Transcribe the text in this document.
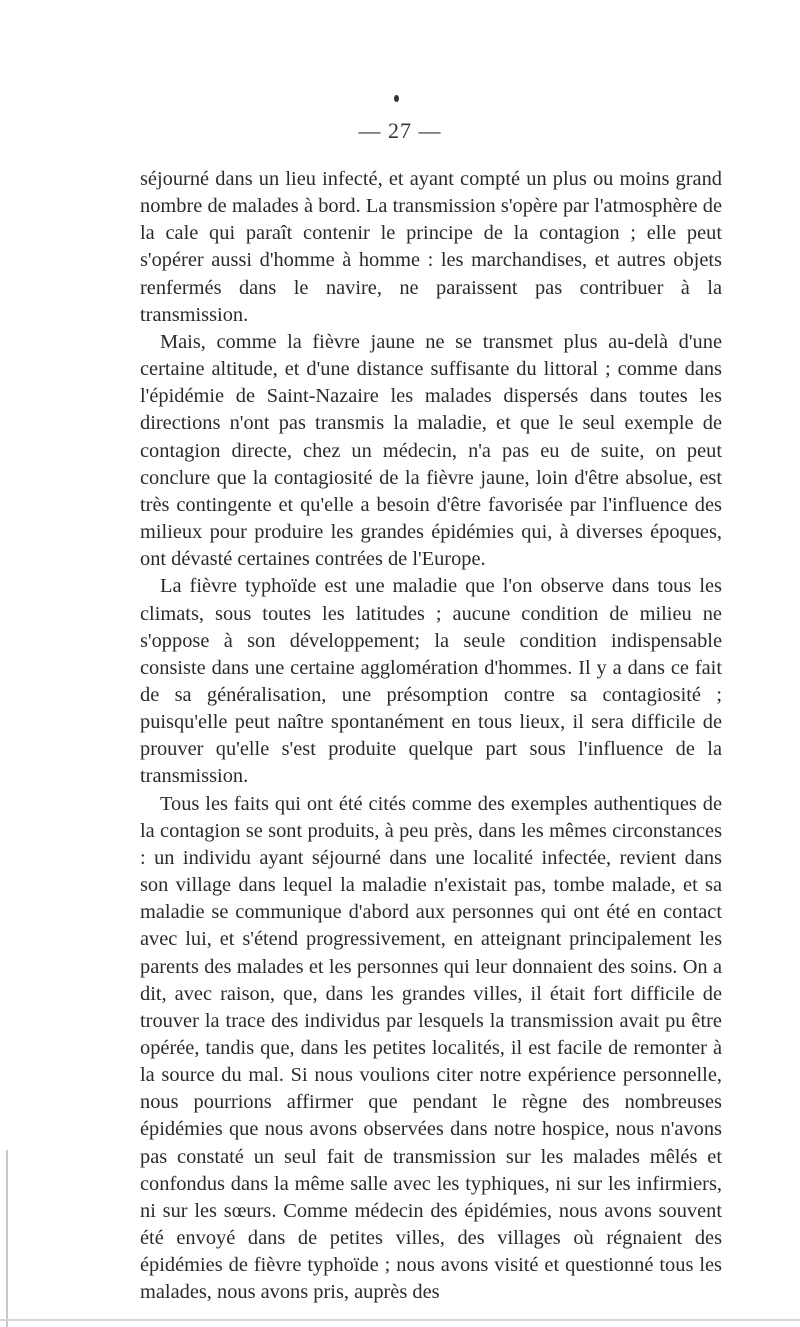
— 27 —

séjourné dans un lieu infecté, et ayant compté un plus ou moins grand nombre de malades à bord. La transmission s'opère par l'atmosphère de la cale qui paraît contenir le principe de la contagion ; elle peut s'opérer aussi d'homme à homme : les marchandises, et autres objets renfermés dans le navire, ne paraissent pas contribuer à la transmission.

Mais, comme la fièvre jaune ne se transmet plus au-delà d'une certaine altitude, et d'une distance suffisante du littoral ; comme dans l'épidémie de Saint-Nazaire les malades dispersés dans toutes les directions n'ont pas transmis la maladie, et que le seul exemple de contagion directe, chez un médecin, n'a pas eu de suite, on peut conclure que la contagiosité de la fièvre jaune, loin d'être absolue, est très contingente et qu'elle a besoin d'être favorisée par l'influence des milieux pour produire les grandes épidémies qui, à diverses époques, ont dévasté certaines contrées de l'Europe.

La fièvre typhoïde est une maladie que l'on observe dans tous les climats, sous toutes les latitudes ; aucune condition de milieu ne s'oppose à son développement; la seule condition indispensable consiste dans une certaine agglomération d'hommes. Il y a dans ce fait de sa généralisation, une présomption contre sa contagiosité ; puisqu'elle peut naître spontanément en tous lieux, il sera difficile de prouver qu'elle s'est produite quelque part sous l'influence de la transmission.

Tous les faits qui ont été cités comme des exemples authentiques de la contagion se sont produits, à peu près, dans les mêmes circonstances : un individu ayant séjourné dans une localité infectée, revient dans son village dans lequel la maladie n'existait pas, tombe malade, et sa maladie se communique d'abord aux personnes qui ont été en contact avec lui, et s'étend progressivement, en atteignant principalement les parents des malades et les personnes qui leur donnaient des soins. On a dit, avec raison, que, dans les grandes villes, il était fort difficile de trouver la trace des individus par lesquels la transmission avait pu être opérée, tandis que, dans les petites localités, il est facile de remonter à la source du mal. Si nous voulions citer notre expérience personnelle, nous pourrions affirmer que pendant le règne des nombreuses épidémies que nous avons observées dans notre hospice, nous n'avons pas constaté un seul fait de transmission sur les malades mêlés et confondus dans la même salle avec les typhiques, ni sur les infirmiers, ni sur les sœurs. Comme médecin des épidémies, nous avons souvent été envoyé dans de petites villes, des villages où régnaient des épidémies de fièvre typhoïde ; nous avons visité et questionné tous les malades, nous avons pris, auprès des
